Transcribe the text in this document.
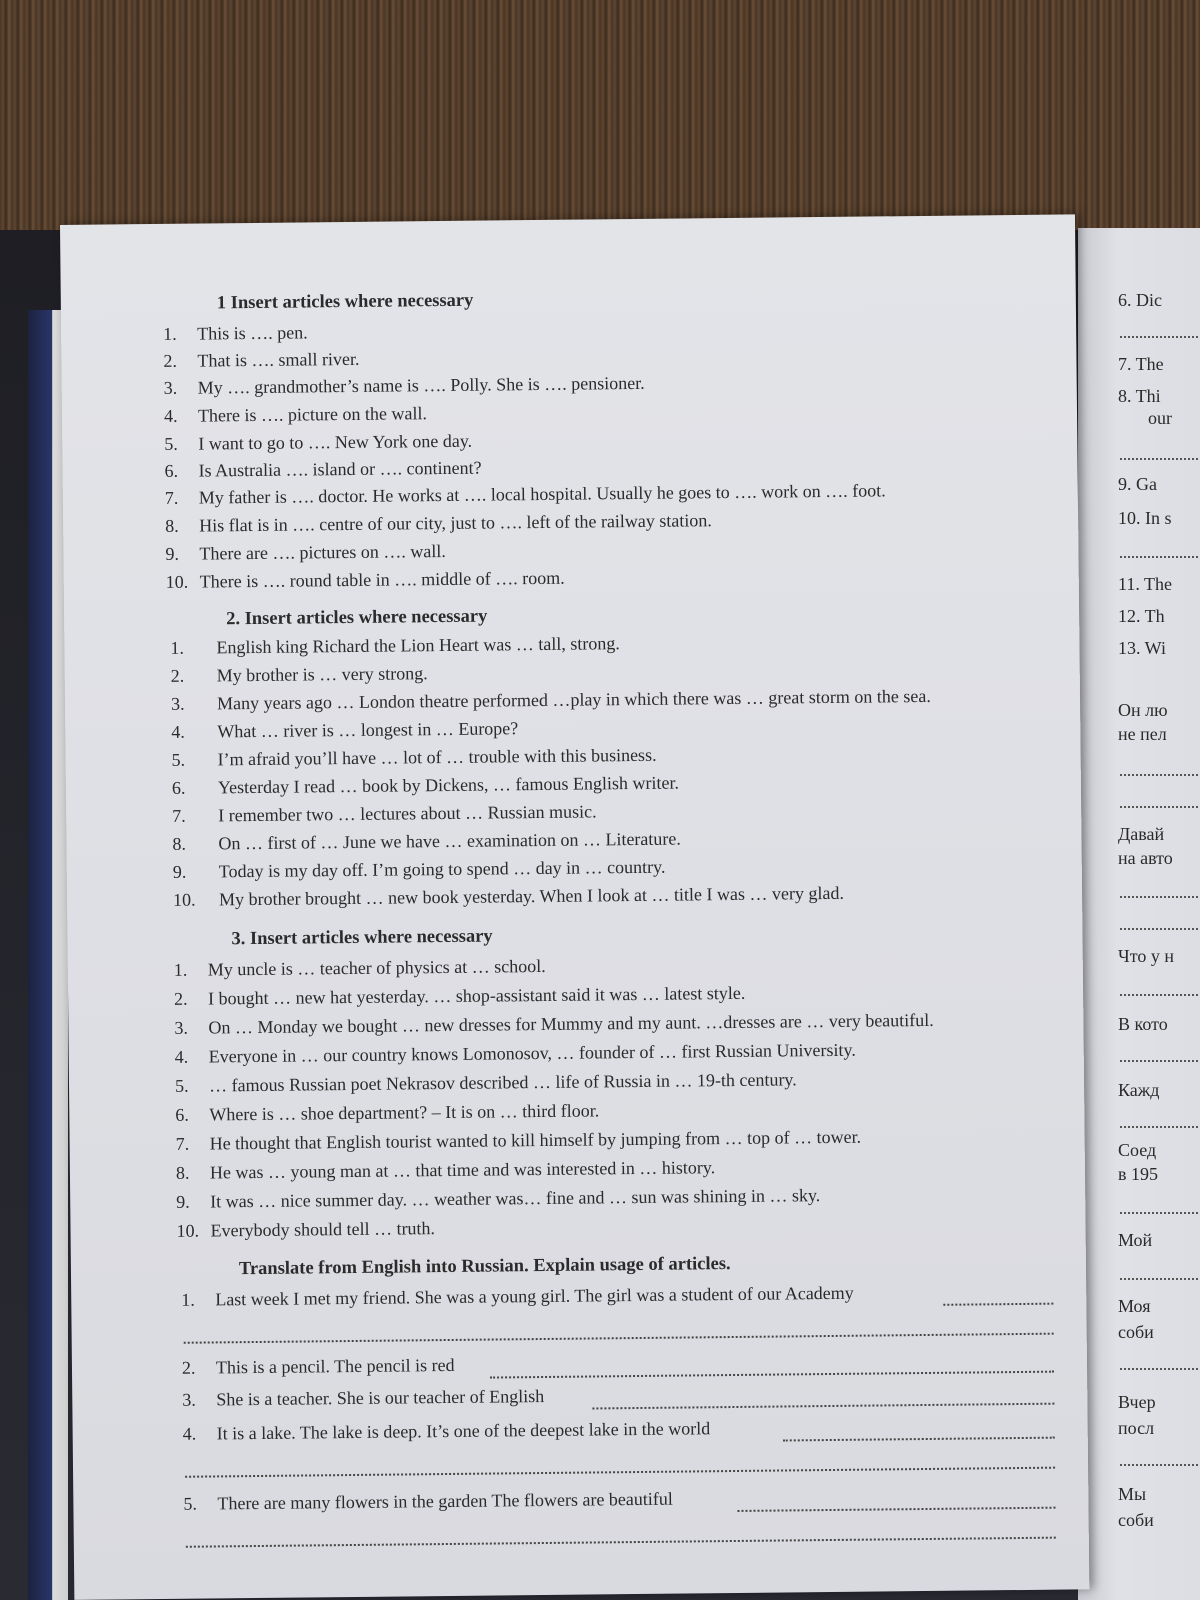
6. Dic
7. The
8. Thi
our
9. Ga
10. In s
11. The
12. Th
13. Wi
Он лю
не пел
Давай
на авто
Что у н
В кото
Кажд
Соед
в 195
Мой
Моя
соби
Вчер
посл
Мы
соби
1 Insert articles where necessary
1. This is …. pen.
2. That is …. small river.
3. My …. grandmother’s name is …. Polly. She is …. pensioner.
4. There is …. picture on the wall.
5. I want to go to …. New York one day.
6. Is Australia …. island or …. continent?
7. My father is …. doctor. He works at …. local hospital. Usually he goes to …. work on …. foot.
8. His flat is in …. centre of our city, just to …. left of the railway station.
9. There are …. pictures on …. wall.
10. There is …. round table in …. middle of …. room.
2. Insert articles where necessary
1. English king Richard the Lion Heart was … tall, strong.
2. My brother is … very strong.
3. Many years ago … London theatre performed …play in which there was … great storm on the sea.
4. What … river is … longest in … Europe?
5. I’m afraid you’ll have … lot of … trouble with this business.
6. Yesterday I read … book by Dickens, … famous English writer.
7. I remember two … lectures about … Russian music.
8. On … first of … June we have … examination on … Literature.
9. Today is my day off. I’m going to spend … day in … country.
10. My brother brought … new book yesterday. When I look at … title I was … very glad.
3. Insert articles where necessary
1. My uncle is … teacher of physics at … school.
2. I bought … new hat yesterday. … shop-assistant said it was … latest style.
3. On … Monday we bought … new dresses for Mummy and my aunt. …dresses are … very beautiful.
4. Everyone in … our country knows Lomonosov, … founder of … first Russian University.
5. … famous Russian poet Nekrasov described … life of Russia in … 19-th century.
6. Where is … shoe department? – It is on … third floor.
7. He thought that English tourist wanted to kill himself by jumping from … top of … tower.
8. He was … young man at … that time and was interested in … history.
9. It was … nice summer day. … weather was… fine and … sun was shining in … sky.
10. Everybody should tell … truth.
Translate from English into Russian. Explain usage of articles.
1. Last week I met my friend. She was a young girl. The girl was a student of our Academy
2. This is a pencil. The pencil is red
3. She is a teacher. She is our teacher of English
4. It is a lake. The lake is deep. It’s one of the deepest lake in the world
5. There are many flowers in the garden The flowers are beautiful
